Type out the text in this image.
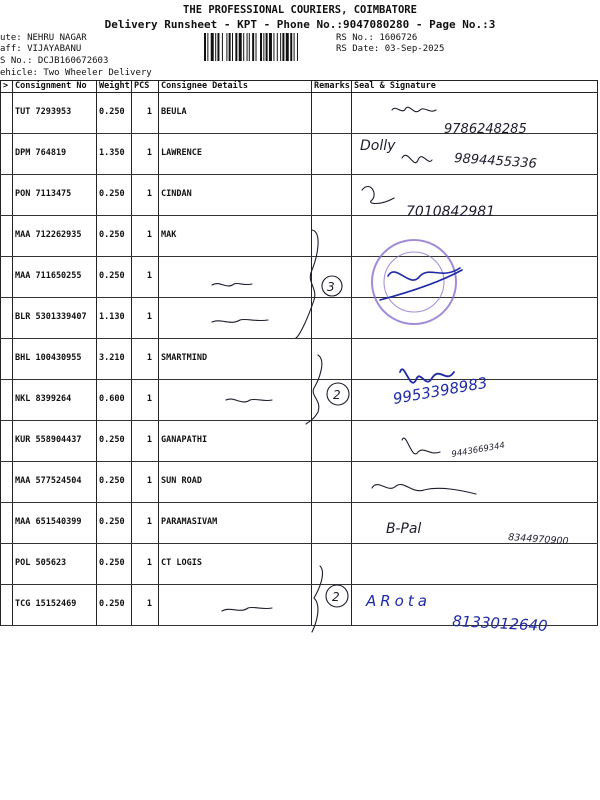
THE PROFESSIONAL COURIERS, COIMBATORE
Delivery Runsheet - KPT - Phone No.:9047080280 - Page No.:3
ute: NEHRU NAGAR
aff: VIJAYABANU
S No.: DCJB160672603
ehicle: Two Wheeler Delivery
RS No.: 1606726
RS Date: 03-Sep-2025
>	Consignment No	Weight	PCS	Consignee Details	Remarks	Seal & Signature
	TUT 7293953	0.250	1	BEULA		
	DPM 764819	1.350	1	LAWRENCE		
	PON 7113475	0.250	1	CINDAN		
	MAA 712262935	0.250	1	MAK		
	MAA 711650255	0.250	1			
	BLR 5301339407	1.130	1			
	BHL 100430955	3.210	1	SMARTMIND		
	NKL 8399264	0.600	1			
	KUR 558904437	0.250	1	GANAPATHI		
	MAA 577524504	0.250	1	SUN ROAD		
	MAA 651540399	0.250	1	PARAMASIVAM		
	POL 505623	0.250	1	CT LOGIS		
	TCG 15152469	0.250	1			
9786248285
Dolly
9894455336
7010842981
3
2
9443669344
B-Pal
8344970900
2
9953398983
ARota
8133012640
